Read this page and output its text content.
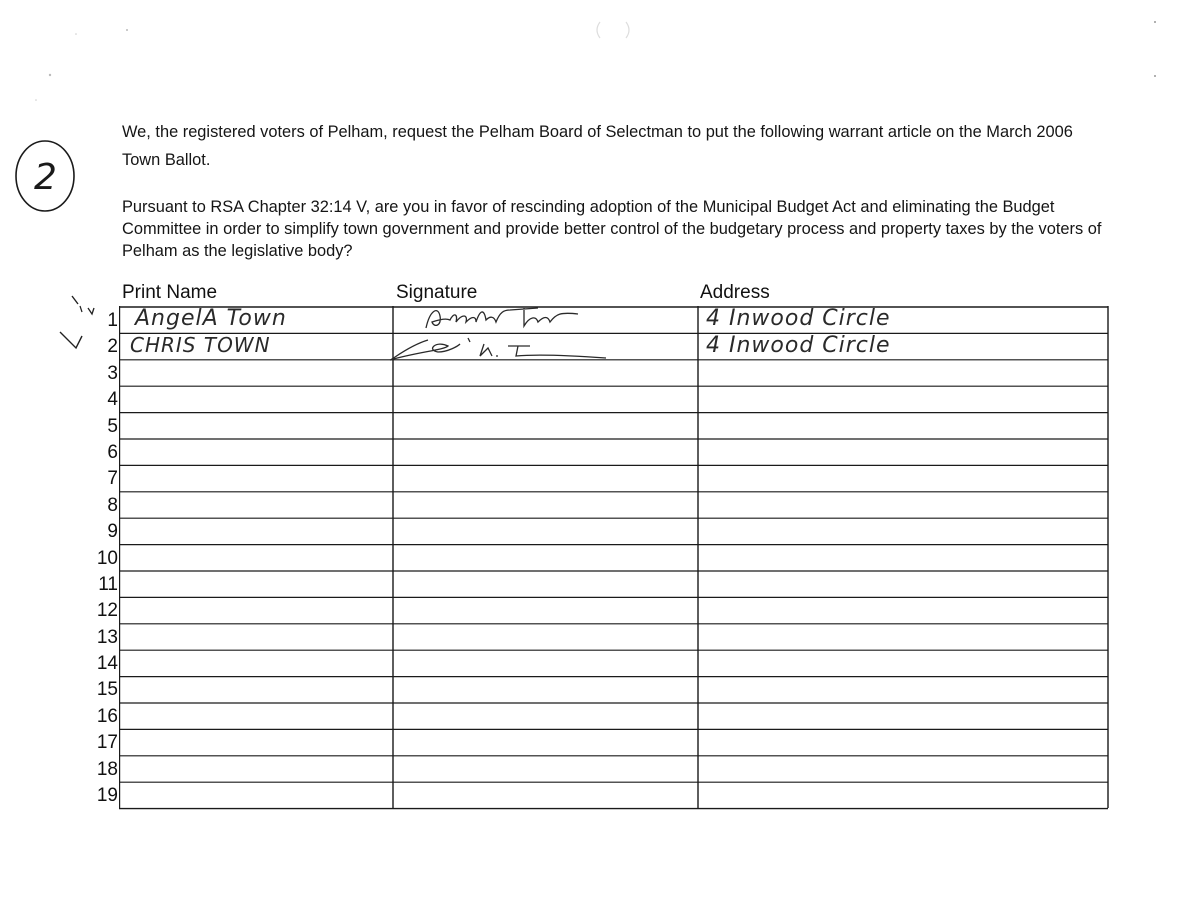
2

We, the registered voters of Pelham, request the Pelham Board of Selectman to put the following warrant article on the March 2006 Town Ballot.

Pursuant to RSA Chapter 32:14 V, are you in favor of rescinding adoption of the Municipal Budget Act and eliminating the Budget Committee in order to simplify town government and provide better control of the budgetary process and property taxes by the voters of Pelham as the legislative body?

Print Name	Signature	Address
1
2
3
4
5
6
7
8
9
10
11
12
13
14
15
16
17
18
19
AngelA Town
CHRIS TOWN
4 Inwood Circle
4 Inwood Circle
